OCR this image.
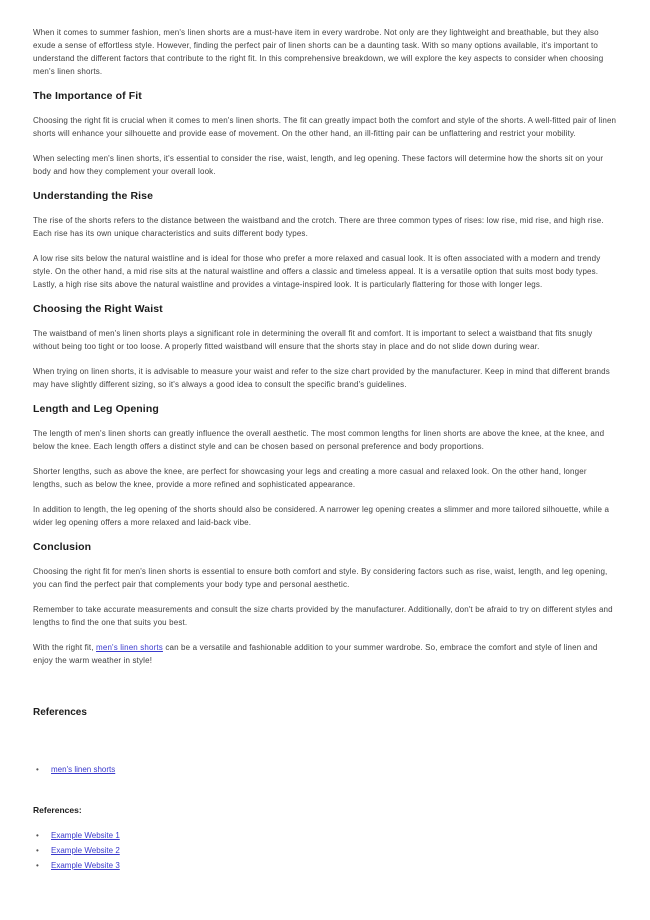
When it comes to summer fashion, men's linen shorts are a must-have item in every wardrobe. Not only are they lightweight and breathable, but they also exude a sense of effortless style. However, finding the perfect pair of linen shorts can be a daunting task. With so many options available, it's important to understand the different factors that contribute to the right fit. In this comprehensive breakdown, we will explore the key aspects to consider when choosing men's linen shorts.

The Importance of Fit

Choosing the right fit is crucial when it comes to men's linen shorts. The fit can greatly impact both the comfort and style of the shorts. A well-fitted pair of linen shorts will enhance your silhouette and provide ease of movement. On the other hand, an ill-fitting pair can be unflattering and restrict your mobility.

When selecting men's linen shorts, it's essential to consider the rise, waist, length, and leg opening. These factors will determine how the shorts sit on your body and how they complement your overall look.

Understanding the Rise

The rise of the shorts refers to the distance between the waistband and the crotch. There are three common types of rises: low rise, mid rise, and high rise. Each rise has its own unique characteristics and suits different body types.

A low rise sits below the natural waistline and is ideal for those who prefer a more relaxed and casual look. It is often associated with a modern and trendy style. On the other hand, a mid rise sits at the natural waistline and offers a classic and timeless appeal. It is a versatile option that suits most body types. Lastly, a high rise sits above the natural waistline and provides a vintage-inspired look. It is particularly flattering for those with longer legs.

Choosing the Right Waist

The waistband of men's linen shorts plays a significant role in determining the overall fit and comfort. It is important to select a waistband that fits snugly without being too tight or too loose. A properly fitted waistband will ensure that the shorts stay in place and do not slide down during wear.

When trying on linen shorts, it is advisable to measure your waist and refer to the size chart provided by the manufacturer. Keep in mind that different brands may have slightly different sizing, so it's always a good idea to consult the specific brand's guidelines.

Length and Leg Opening

The length of men's linen shorts can greatly influence the overall aesthetic. The most common lengths for linen shorts are above the knee, at the knee, and below the knee. Each length offers a distinct style and can be chosen based on personal preference and body proportions.

Shorter lengths, such as above the knee, are perfect for showcasing your legs and creating a more casual and relaxed look. On the other hand, longer lengths, such as below the knee, provide a more refined and sophisticated appearance.

In addition to length, the leg opening of the shorts should also be considered. A narrower leg opening creates a slimmer and more tailored silhouette, while a wider leg opening offers a more relaxed and laid-back vibe.

Conclusion

Choosing the right fit for men's linen shorts is essential to ensure both comfort and style. By considering factors such as rise, waist, length, and leg opening, you can find the perfect pair that complements your body type and personal aesthetic.

Remember to take accurate measurements and consult the size charts provided by the manufacturer. Additionally, don't be afraid to try on different styles and lengths to find the one that suits you best.

With the right fit, men's linen shorts can be a versatile and fashionable addition to your summer wardrobe. So, embrace the comfort and style of linen and enjoy the warm weather in style!

References
•	men's linen shorts
References:
•	Example Website 1
•	Example Website 2
•	Example Website 3
